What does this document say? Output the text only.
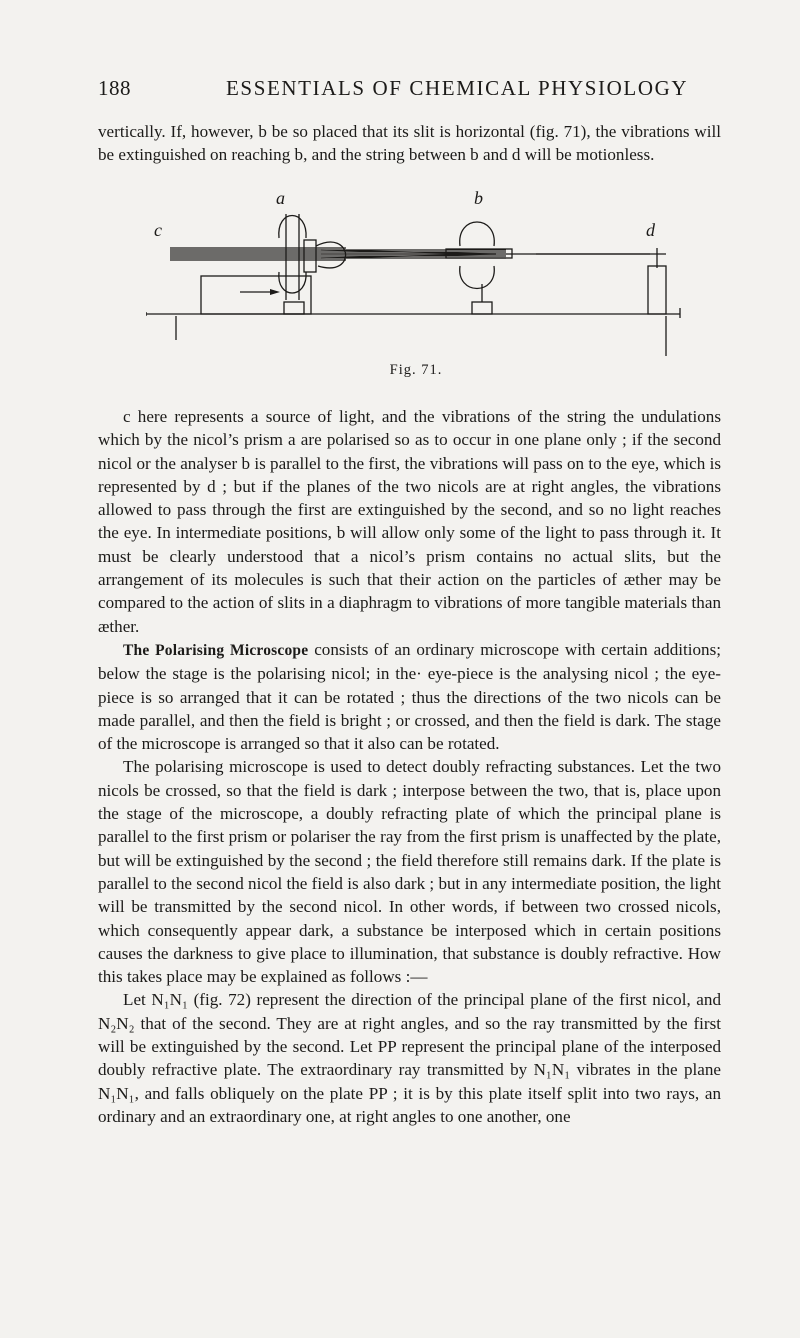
188	ESSENTIALS OF CHEMICAL PHYSIOLOGY

vertically. If, however, b be so placed that its slit is horizontal (fig. 71), the vibrations will be extinguished on reaching b, and the string between b and d will be motionless.

a	b
c	d
Fig. 71.

c here represents a source of light, and the vibrations of the string the undulations which by the nicol’s prism a are polarised so as to occur in one plane only ; if the second nicol or the analyser b is parallel to the first, the vibrations will pass on to the eye, which is represented by d ; but if the planes of the two nicols are at right angles, the vibrations allowed to pass through the first are extinguished by the second, and so no light reaches the eye. In intermediate positions, b will allow only some of the light to pass through it. It must be clearly understood that a nicol’s prism contains no actual slits, but the arrangement of its molecules is such that their action on the particles of æther may be compared to the action of slits in a diaphragm to vibrations of more tangible materials than æther.

The Polarising Microscope consists of an ordinary microscope with certain additions; below the stage is the polarising nicol; in the· eye-piece is the analysing nicol ; the eye-piece is so arranged that it can be rotated ; thus the directions of the two nicols can be made parallel, and then the field is bright ; or crossed, and then the field is dark. The stage of the microscope is arranged so that it also can be rotated.

The polarising microscope is used to detect doubly refracting substances. Let the two nicols be crossed, so that the field is dark ; interpose between the two, that is, place upon the stage of the microscope, a doubly refracting plate of which the principal plane is parallel to the first prism or polariser the ray from the first prism is unaffected by the plate, but will be extinguished by the second ; the field therefore still remains dark. If the plate is parallel to the second nicol the field is also dark ; but in any intermediate position, the light will be transmitted by the second nicol. In other words, if between two crossed nicols, which consequently appear dark, a substance be interposed which in certain positions causes the darkness to give place to illumination, that substance is doubly refractive. How this takes place may be explained as follows :—

Let N₁N₁ (fig. 72) represent the direction of the principal plane of the first nicol, and N₂N₂ that of the second. They are at right angles, and so the ray transmitted by the first will be extinguished by the second. Let PP represent the principal plane of the interposed doubly refractive plate. The extraordinary ray transmitted by N₁N₁ vibrates in the plane N₁N₁, and falls obliquely on the plate PP ; it is by this plate itself split into two rays, an ordinary and an extraordinary one, at right angles to one another, one
